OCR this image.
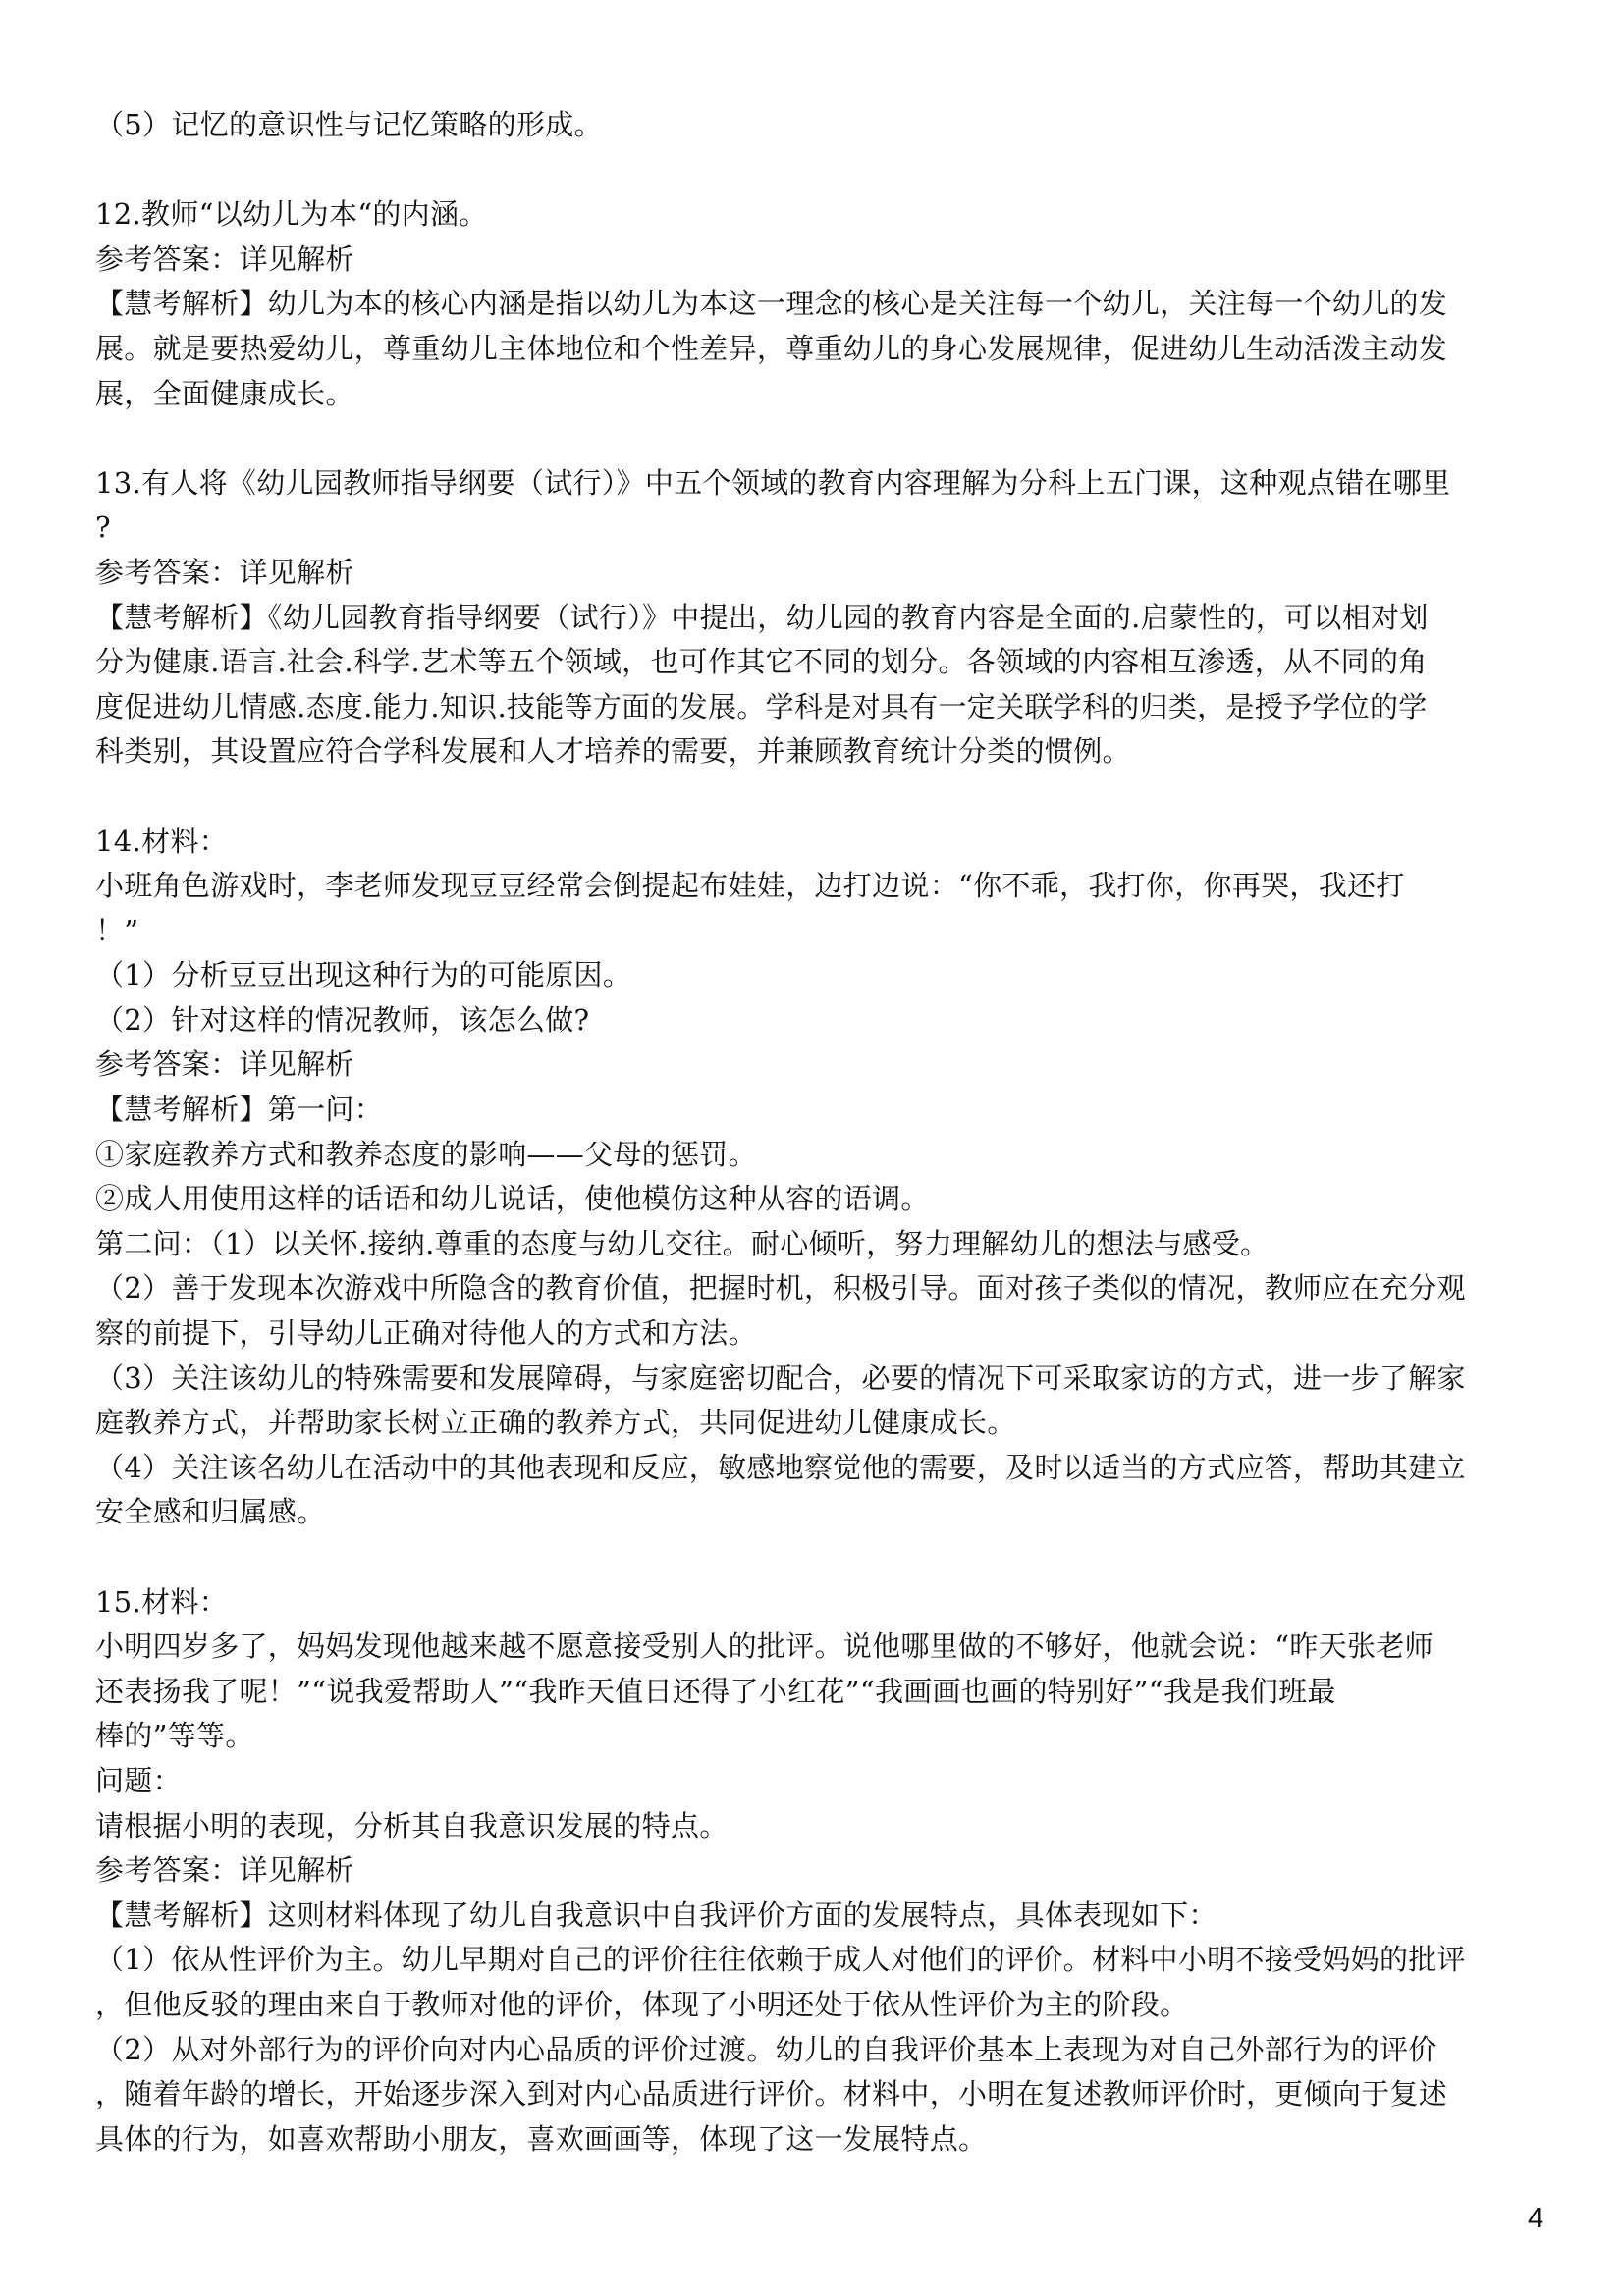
（5）记忆的意识性与记忆策略的形成。
12.教师“以幼儿为本“的内涵。
参考答案：详见解析
【慧考解析】幼儿为本的核心内涵是指以幼儿为本这一理念的核心是关注每一个幼儿，关注每一个幼儿的发
展。就是要热爱幼儿，尊重幼儿主体地位和个性差异，尊重幼儿的身心发展规律，促进幼儿生动活泼主动发
展，全面健康成长。
13.有人将《幼儿园教师指导纲要（试行）》中五个领域的教育内容理解为分科上五门课，这种观点错在哪里
?
参考答案：详见解析
【慧考解析】《幼儿园教育指导纲要（试行）》中提出，幼儿园的教育内容是全面的.启蒙性的，可以相对划
分为健康.语言.社会.科学.艺术等五个领域，也可作其它不同的划分。各领域的内容相互渗透，从不同的角
度促进幼儿情感.态度.能力.知识.技能等方面的发展。学科是对具有一定关联学科的归类，是授予学位的学
科类别，其设置应符合学科发展和人才培养的需要，并兼顾教育统计分类的惯例。
14.材料：
小班角色游戏时，李老师发现豆豆经常会倒提起布娃娃，边打边说：“你不乖，我打你，你再哭，我还打
！”
（1）分析豆豆出现这种行为的可能原因。
（2）针对这样的情况教师，该怎么做?
参考答案：详见解析
【慧考解析】第一问：
①家庭教养方式和教养态度的影响——父母的惩罚。
②成人用使用这样的话语和幼儿说话，使他模仿这种从容的语调。
第二问：（1）以关怀.接纳.尊重的态度与幼儿交往。耐心倾听，努力理解幼儿的想法与感受。
（2）善于发现本次游戏中所隐含的教育价值，把握时机，积极引导。面对孩子类似的情况，教师应在充分观
察的前提下，引导幼儿正确对待他人的方式和方法。
（3）关注该幼儿的特殊需要和发展障碍，与家庭密切配合，必要的情况下可采取家访的方式，进一步了解家
庭教养方式，并帮助家长树立正确的教养方式，共同促进幼儿健康成长。
（4）关注该名幼儿在活动中的其他表现和反应，敏感地察觉他的需要，及时以适当的方式应答，帮助其建立
安全感和归属感。
15.材料：
小明四岁多了，妈妈发现他越来越不愿意接受别人的批评。说他哪里做的不够好，他就会说：“昨天张老师
还表扬我了呢！”“说我爱帮助人”“我昨天值日还得了小红花”“我画画也画的特别好”“我是我们班最
棒的”等等。
问题：
请根据小明的表现，分析其自我意识发展的特点。
参考答案：详见解析
【慧考解析】这则材料体现了幼儿自我意识中自我评价方面的发展特点，具体表现如下：
（1）依从性评价为主。幼儿早期对自己的评价往往依赖于成人对他们的评价。材料中小明不接受妈妈的批评
，但他反驳的理由来自于教师对他的评价，体现了小明还处于依从性评价为主的阶段。
（2）从对外部行为的评价向对内心品质的评价过渡。幼儿的自我评价基本上表现为对自己外部行为的评价
，随着年龄的增长，开始逐步深入到对内心品质进行评价。材料中，小明在复述教师评价时，更倾向于复述
具体的行为，如喜欢帮助小朋友，喜欢画画等，体现了这一发展特点。
4
